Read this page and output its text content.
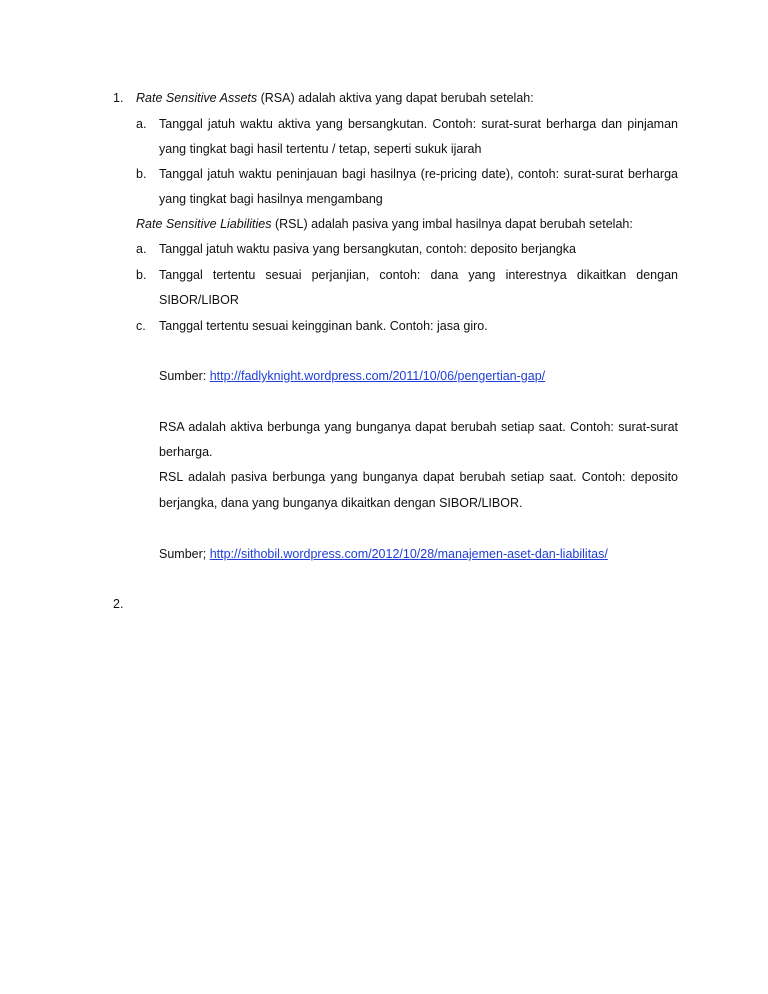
1. Rate Sensitive Assets (RSA) adalah aktiva yang dapat berubah setelah:
a. Tanggal jatuh waktu aktiva yang bersangkutan. Contoh: surat-surat berharga dan pinjaman
yang tingkat bagi hasil tertentu / tetap, seperti sukuk ijarah
b. Tanggal jatuh waktu peninjauan bagi hasilnya (re-pricing date), contoh: surat-surat berharga
yang tingkat bagi hasilnya mengambang
Rate Sensitive Liabilities (RSL) adalah pasiva yang imbal hasilnya dapat berubah setelah:
a. Tanggal jatuh waktu pasiva yang bersangkutan, contoh: deposito berjangka
b. Tanggal tertentu sesuai perjanjian, contoh: dana yang interestnya dikaitkan dengan
SIBOR/LIBOR
c. Tanggal tertentu sesuai keingginan bank. Contoh: jasa giro.
Sumber: http://fadlyknight.wordpress.com/2011/10/06/pengertian-gap/
RSA adalah aktiva berbunga yang bunganya dapat berubah setiap saat. Contoh: surat-surat
berharga.
RSL adalah pasiva berbunga yang bunganya dapat berubah setiap saat. Contoh: deposito
berjangka, dana yang bunganya dikaitkan dengan SIBOR/LIBOR.
Sumber; http://sithobil.wordpress.com/2012/10/28/manajemen-aset-dan-liabilitas/
2.
